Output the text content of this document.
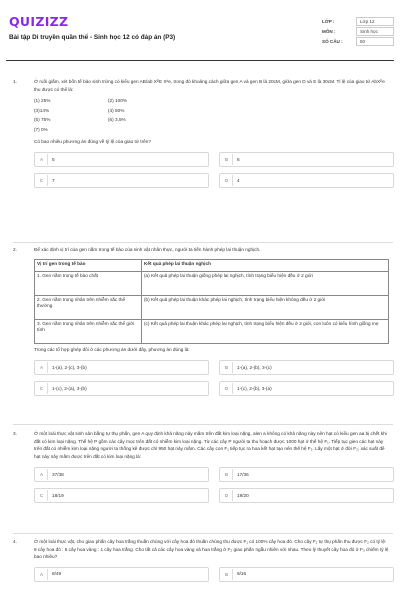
QUIZIZZ
Bài tập Di truyền quần thể - Sinh học 12 có đáp án (P3)
LỚP :	Lớp 12
MÔN :	Sinh học
SỐ CÂU :	50
1.	Ở ruồi giấm, xét bốn tế bào sinh trứng có kiểu gen AB/ab XᴰE Xᵈe, trong đó khoảng cách giữa gen A và gen B là 20cM, giữa gen D và E là 30cM. Tỉ lệ của giao tử AbXᴰe thu được có thể là:

(1) 25%	(2) 100%
(3)14%	(4) 50%
(5) 75%	(6) 3,5%
(7) 0%

Có bao nhiêu phương án đúng về tỷ lệ của giao tử trên?

A	5	B	6
C	7	D	4
2.	Để xác định vị trí của gen nằm trong tế bào của sinh vật nhân thực, người ta tiến hành phép lai thuận nghịch.

Vị trí gen trong tế bào	Kết quả phép lai thuận nghịch
1. Gen nằm trong tế bào chất	(a) Kết quả phép lai thuận giống phép lai nghịch, tính trạng biểu hiện đều ở 2 giới
2. Gen nằm trong nhân trên nhiễm sắc thể thường	(b) Kết quả phép lai thuận khác phép lai nghịch, tính trạng biểu hiện không đều ở 2 giới
3. Gen nằm trong nhân trên nhiễm sắc thể giới tính	(c) Kết quả phép lai thuận khác phép lai nghịch, tính trạng biểu hiện đều ở 2 giới, con luôn có kiểu hình giống mẹ

Trong các tổ hợp ghép đôi ở các phương án dưới đây, phương án đúng là:

A	1-(a), 2-(c), 3-(b)	B	1-(a), 2-(b), 3-(c)
C	1-(c), 2-(a), 3-(b)	D	1-(c), 2-(b), 3-(a)
3.	Ở một loài thực vật sinh sản bằng tự thụ phấn, gen A quy định khả năng nảy mầm trên đất kim loại nặng, alen a không có khả năng này nên hạt có kiểu gen aa bị chết khi đất có kim loại nặng. Thế hệ P gồm các cây mọc trên đất có nhiễm kim loại nặng. Từ các cây P người ta thu hoạch được 1000 hạt ở thế hệ F₁. Tiếp tục gieo các hạt này trên đất có nhiễm kim loại nặng người ta thống kê được chỉ 950 hạt nảy mầm. Các cây con F₁ tiếp tục ra hoa kết hạt tạo nên thế hệ F₂. Lấy một hạt ở đời F₂, xác suất để hạt này nảy mầm được trên đất có kim loại nặng là:

A	37/38	B	17/36
C	18/19	D	19/20
4.	Ở một loài thực vật, cho giao phấn cây hoa trắng thuần chủng với cây hoa đỏ thuần chủng thu được F₁ có 100% cây hoa đỏ. Cho cây F₁ tự thụ phấn thu được F₂ có tỷ lệ: 9 cây hoa đỏ : 6 cây hoa vàng : 1 cây hoa trắng. Cho tất cả các cây hoa vàng và hoa trắng ở F₂ giao phấn ngẫu nhiên với nhau. Theo lý thuyết cây hoa đỏ ở F₃ chiếm tỷ lệ bao nhiêu?

A	8/49	B	9/16
